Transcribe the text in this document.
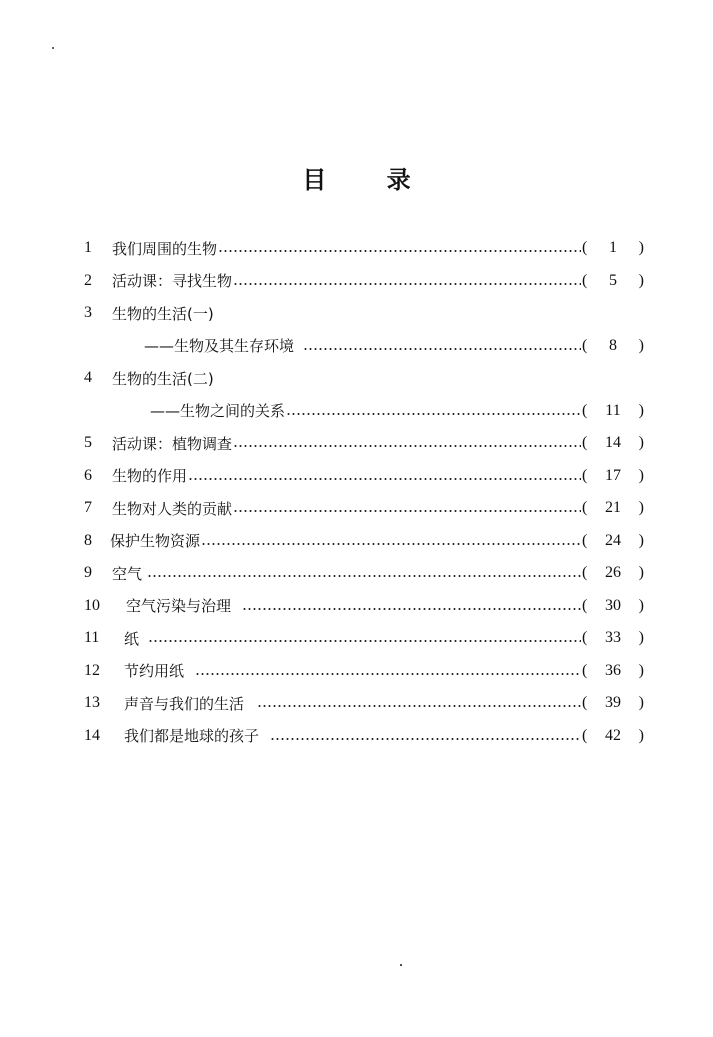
目 录
1	我们周围的生物	(	1	)
2	活动课：寻找生物	(	5	)
3	生物的生活(一)
——生物及其生存环境	(	8	)
4	生物的生活(二)
——生物之间的关系	(	11	)
5	活动课：植物调查	(	14	)
6	生物的作用	(	17	)
7	生物对人类的贡献	(	21	)
8	保护生物资源	(	24	)
9	空气	(	26	)
10	空气污染与治理	(	30	)
11	纸	(	33	)
12	节约用纸	(	36	)
13	声音与我们的生活	(	39	)
14	我们都是地球的孩子	(	42	)
